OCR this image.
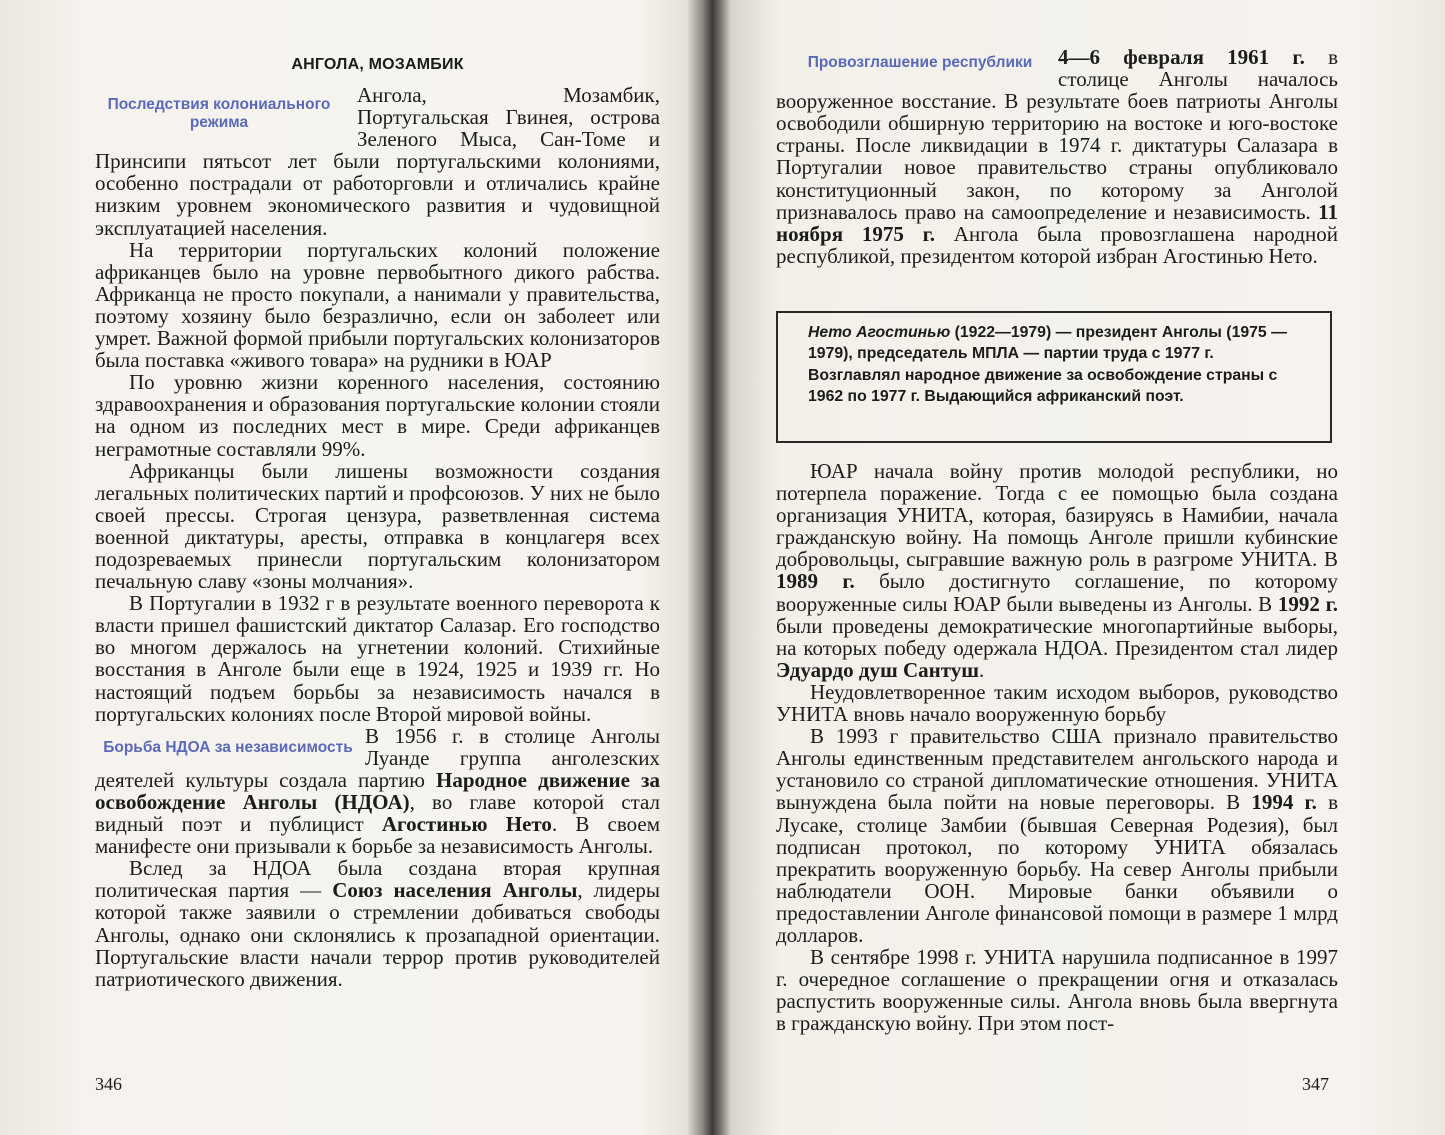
АНГОЛА, МОЗАМБИК
Последствия колониального режима

Ангола, Мозамбик, Португальская Гвинея, острова Зеленого Мыса, Сан-Томе и Принсипи пятьсот лет были португальскими колониями, особенно пострадали от работорговли и отличались крайне низким уровнем экономического развития и чудовищной эксплуатацией населения.

На территории португальских колоний положение африканцев было на уровне первобытного дикого рабства. Африканца не просто покупали, а нанимали у правительства, поэтому хозяину было безразлично, если он заболеет или умрет. Важной формой прибыли португальских колонизаторов была поставка «живого товара» на рудники в ЮАР

По уровню жизни коренного населения, состоянию здравоохранения и образования португальские колонии стояли на одном из последних мест в мире. Среди африканцев неграмотные составляли 99%.

Африканцы были лишены возможности создания легальных политических партий и профсоюзов. У них не было своей прессы. Строгая цензура, разветвленная система военной диктатуры, аресты, отправка в концлагеря всех подозреваемых принесли португальским колонизатором печальную славу «зоны молчания».

В Португалии в 1932 г в результате военного переворота к власти пришел фашистский диктатор Салазар. Его господство во многом держалось на угнетении колоний. Стихийные восстания в Анголе были еще в 1924, 1925 и 1939 гг. Но настоящий подъем борьбы за независимость начался в португальских колониях после Второй мировой войны.

Борьба НДОА за независимость В 1956 г. в столице Анголы Луанде группа анголезских деятелей культуры создала партию Народное движение за освобождение Анголы (НДОА), во главе которой стал видный поэт и публицист Агостинью Нето. В своем манифесте они призывали к борьбе за независимость Анголы.

Вслед за НДОА была создана вторая крупная политическая партия — Союз населения Анголы, лидеры которой также заявили о стремлении добиваться свободы Анголы, однако они склонялись к прозападной ориентации. Португальские власти начали террор против руководителей патриотического движения.

346
Провозглашение республики	4—6 февраля 1961 г. в столице Анголы началось вооруженное восстание. В результате боев патриоты Анголы освободили обширную территорию на востоке и юго-востоке страны. После ликвидации в 1974 г. диктатуры Салазара в Португалии новое правительство страны опубликовало конституционный закон, по которому за Анголой признавалось право на самоопределение и независимость. 11 ноября 1975 г. Ангола была провозглашена народной республикой, президентом которой избран Агостинью Нето.

ЮАР начала войну против молодой республики, но потерпела поражение. Тогда с ее помощью была создана организация УНИТА, которая, базируясь в Намибии, начала гражданскую войну. На помощь Анголе пришли кубинские добровольцы, сыгравшие важную роль в разгроме УНИТА. В 1989 г. было достигнуто соглашение, по которому вооруженные силы ЮАР были выведены из Анголы. В 1992 г. были проведены демократические многопартийные выборы, на которых победу одержала НДОА. Президентом стал лидер Эдуардо душ Сантуш.

Неудовлетворенное таким исходом выборов, руководство УНИТА вновь начало вооруженную борьбу

В 1993 г правительство США признало правительство Анголы единственным представителем ангольского народа и установило со страной дипломатические отношения. УНИТА вынуждена была пойти на новые переговоры. В 1994 г. в Лусаке, столице Замбии (бывшая Северная Родезия), был подписан протокол, по которому УНИТА обязалась прекратить вооруженную борьбу. На север Анголы прибыли наблюдатели ООН. Мировые банки объявили о предоставлении Анголе финансовой помощи в размере 1 млрд долларов.

В сентябре 1998 г. УНИТА нарушила подписанное в 1997 г. очередное соглашение о прекращении огня и отказалась распустить вооруженные силы. Ангола вновь была ввергнута в гражданскую войну. При этом пост-

347
Нето Агостинью (1922—1979) — президент Анголы (1975 — 1979), председатель МПЛА — партии труда с 1977 г. Возглавлял народное движение за освобождение страны с 1962 по 1977 г. Выдающийся африканский поэт.
